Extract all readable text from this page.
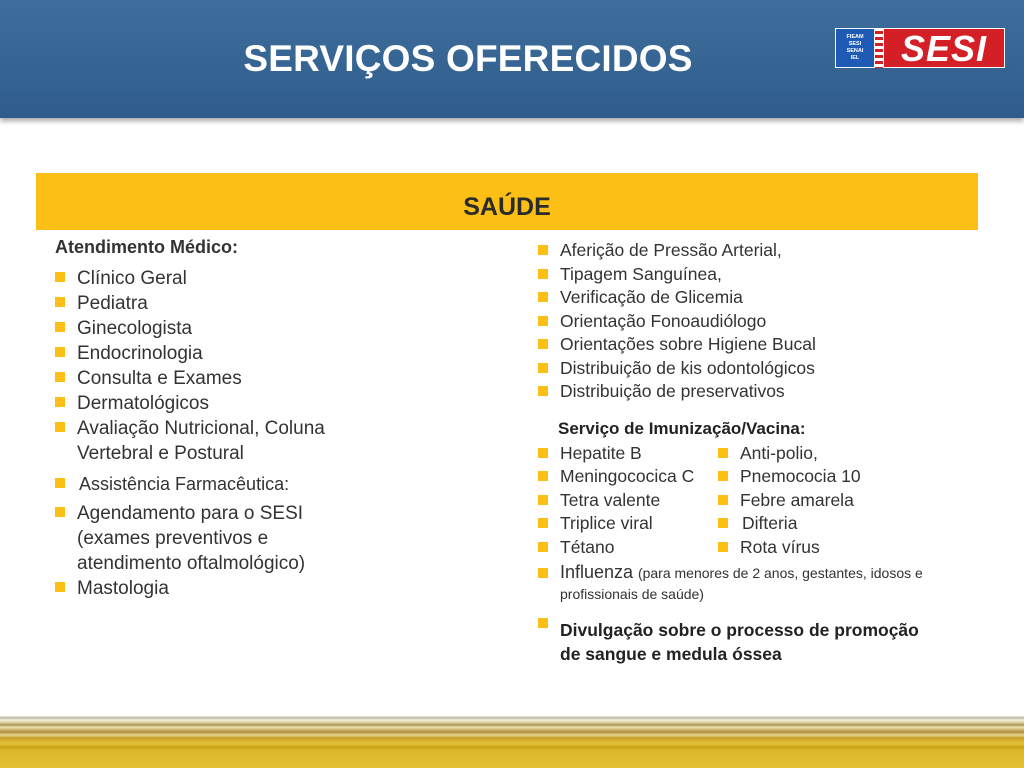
SERVIÇOS OFERECIDOS
FIEAM
SESI
SENAI
IEL	SESI
SAÚDE
Atendimento Médico:
Clínico Geral
Pediatra
Ginecologista
Endocrinologia
Consulta e Exames
Dermatológicos
Avaliação Nutricional, Coluna Vertebral e Postural
Assistência Farmacêutica:
Agendamento para o SESI (exames preventivos e atendimento oftalmológico)
Mastologia
Aferição de Pressão Arterial,
Tipagem Sanguínea,
Verificação de Glicemia
Orientação Fonoaudiólogo
Orientações sobre Higiene Bucal
Distribuição de kis odontológicos
Distribuição de preservativos
Serviço de Imunização/Vacina:
Hepatite B	Anti-polio,
Meningococica C	Pnemococia 10
Tetra valente	Febre amarela
Triplice viral	Difteria
Tétano	Rota vírus
Influenza (para menores de 2 anos, gestantes, idosos e profissionais de saúde)
Divulgação sobre o processo de promoção de sangue e medula óssea
